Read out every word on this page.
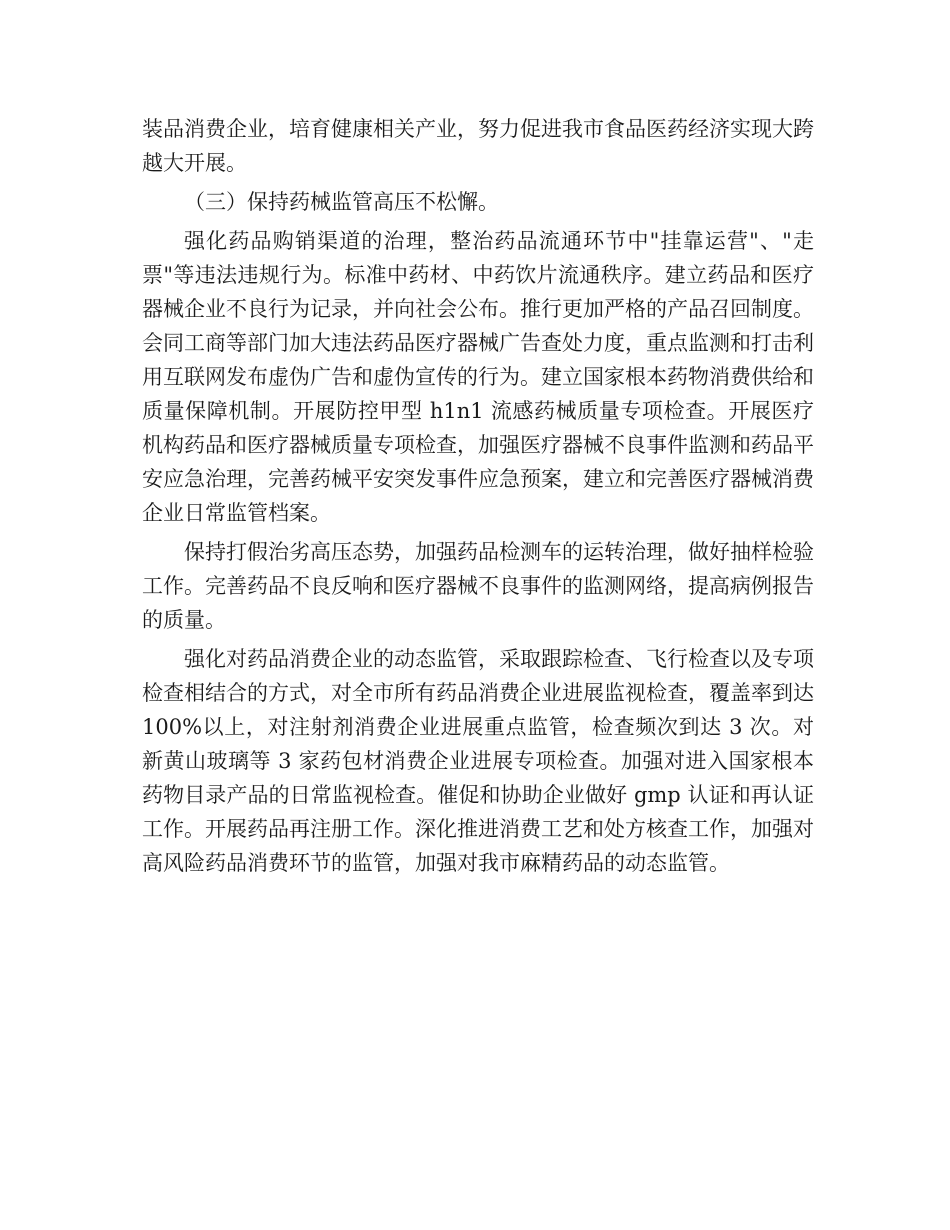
装品消费企业，培育健康相关产业，努力促进我市食品医药经济实现大跨越大开展。

（三）保持药械监管高压不松懈。

强化药品购销渠道的治理，整治药品流通环节中"挂靠运营"、"走票"等违法违规行为。标准中药材、中药饮片流通秩序。建立药品和医疗器械企业不良行为记录，并向社会公布。推行更加严格的产品召回制度。会同工商等部门加大违法药品医疗器械广告查处力度，重点监测和打击利用互联网发布虚伪广告和虚伪宣传的行为。建立国家根本药物消费供给和质量保障机制。开展防控甲型 h1n1 流感药械质量专项检查。开展医疗机构药品和医疗器械质量专项检查，加强医疗器械不良事件监测和药品平安应急治理，完善药械平安突发事件应急预案，建立和完善医疗器械消费企业日常监管档案。

保持打假治劣高压态势，加强药品检测车的运转治理，做好抽样检验工作。完善药品不良反响和医疗器械不良事件的监测网络，提高病例报告的质量。

强化对药品消费企业的动态监管，采取跟踪检查、飞行检查以及专项检查相结合的方式，对全市所有药品消费企业进展监视检查，覆盖率到达 100%以上，对注射剂消费企业进展重点监管，检查频次到达 3 次。对新黄山玻璃等 3 家药包材消费企业进展专项检查。加强对进入国家根本药物目录产品的日常监视检查。催促和协助企业做好 gmp 认证和再认证工作。开展药品再注册工作。深化推进消费工艺和处方核查工作，加强对高风险药品消费环节的监管，加强对我市麻精药品的动态监管。
